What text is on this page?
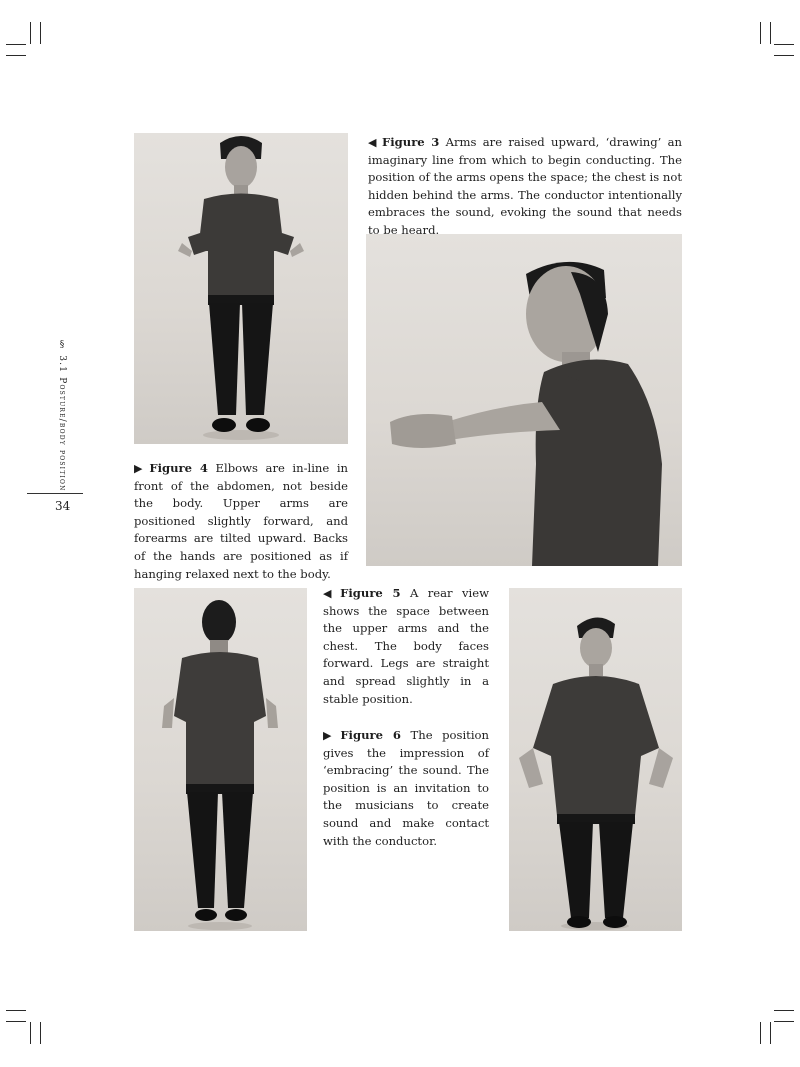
§ 3.1 Posture/body position
34

◀ Figure 3 Arms are raised upward, ‘drawing’ an imaginary line from which to begin conducting. The position of the arms opens the space; the chest is not hidden behind the arms. The conductor intentionally embraces the sound, evoking the sound that needs to be heard.

▶ Figure 4 Elbows are in-line in front of the abdomen, not beside the body. Upper arms are positioned slightly forward, and forearms are tilted upward. Backs of the hands are positioned as if hanging relaxed next to the body.

◀ Figure 5 A rear view shows the space between the upper arms and the chest. The body faces forward. Legs are straight and spread slightly in a stable position.

▶ Figure 6 The position gives the impression of ‘embracing’ the sound. The position is an invitation to the musicians to create sound and make contact with the conductor.
